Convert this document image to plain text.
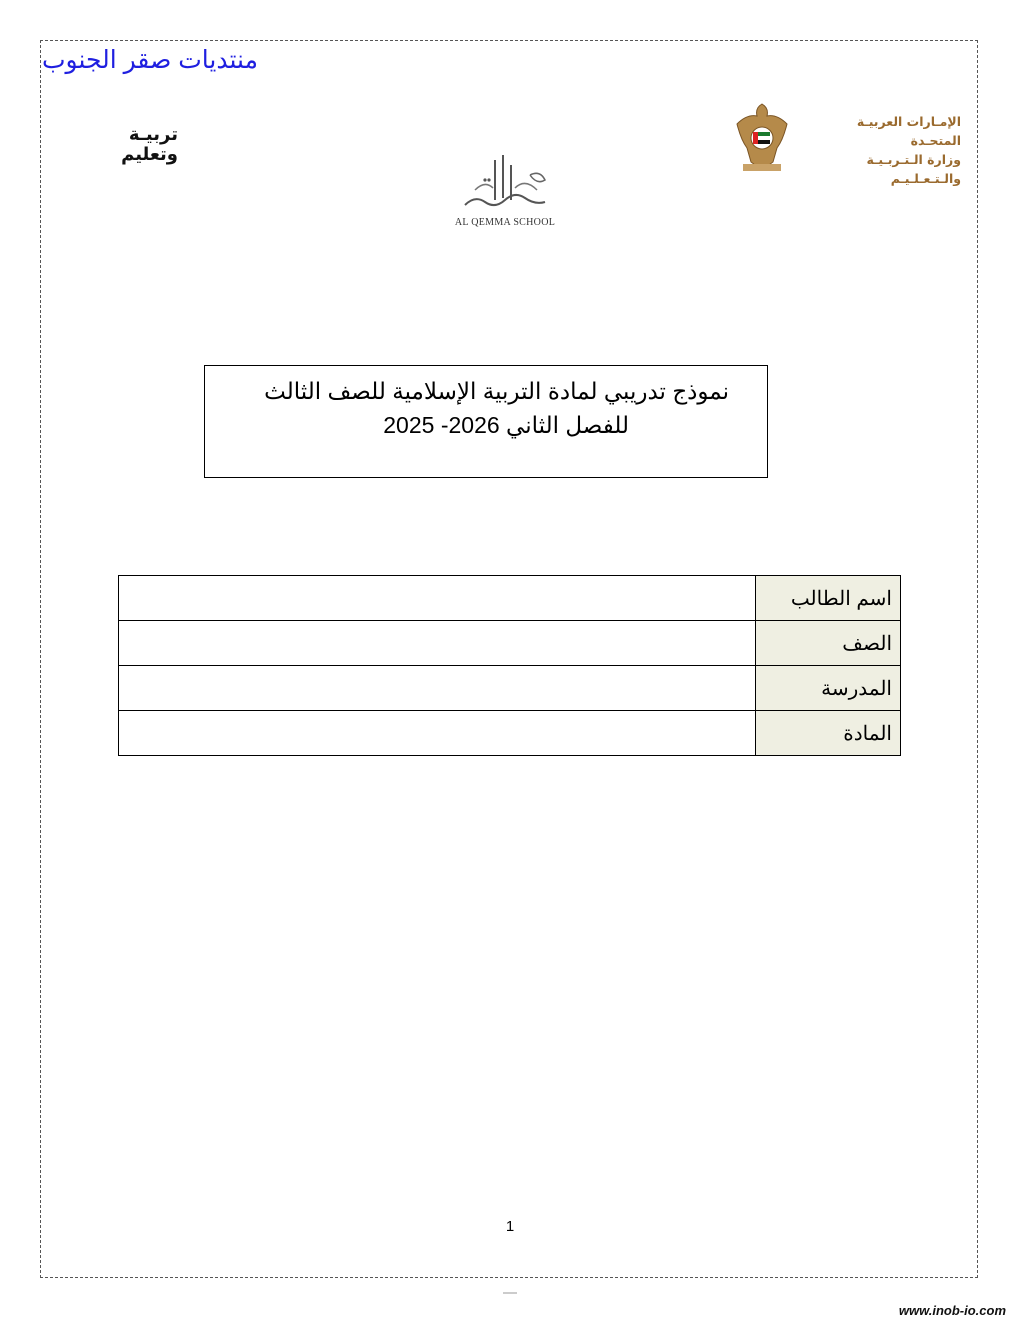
منتديات صقر الجنوب
تربيـة
وتعليم
AL QEMMA SCHOOL
الإمـارات العربيـة المتحـدة
وزارة الـتـربـيـة والـتـعـلـيـم
نموذج تدريبي لمادة التربية الإسلامية للصف الثالث
للفصل الثاني 2026- 2025
اسم الطالب	
الصف	
المدرسة	
المادة	
1
www.inob-io.com
